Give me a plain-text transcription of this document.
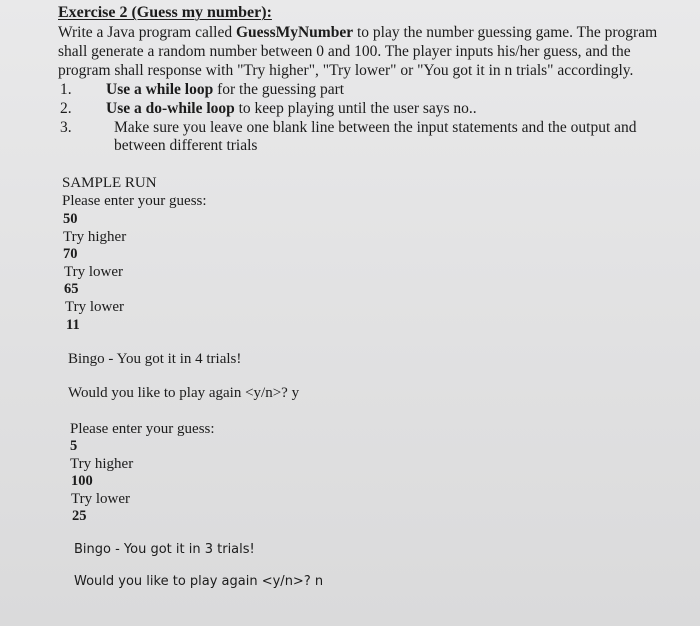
Exercise 2 (Guess my number):
Write a Java program called GuessMyNumber to play the number guessing game. The program
shall generate a random number between 0 and 100. The player inputs his/her guess, and the
program shall response with "Try higher", "Try lower" or "You got it in n trials" accordingly.
1. Use a while loop for the guessing part
2. Use a do-while loop to keep playing until the user says no..
3.	Make sure you leave one blank line between the input statements and the output and
between different trials
SAMPLE RUN
Please enter your guess:
50
Try higher
70
Try lower
65
Try lower
11
Bingo - You got it in 4 trials!
Would you like to play again <y/n>? y
Please enter your guess:
5
Try higher
100
Try lower
25
Bingo - You got it in 3 trials!
Would you like to play again <y/n>? n
